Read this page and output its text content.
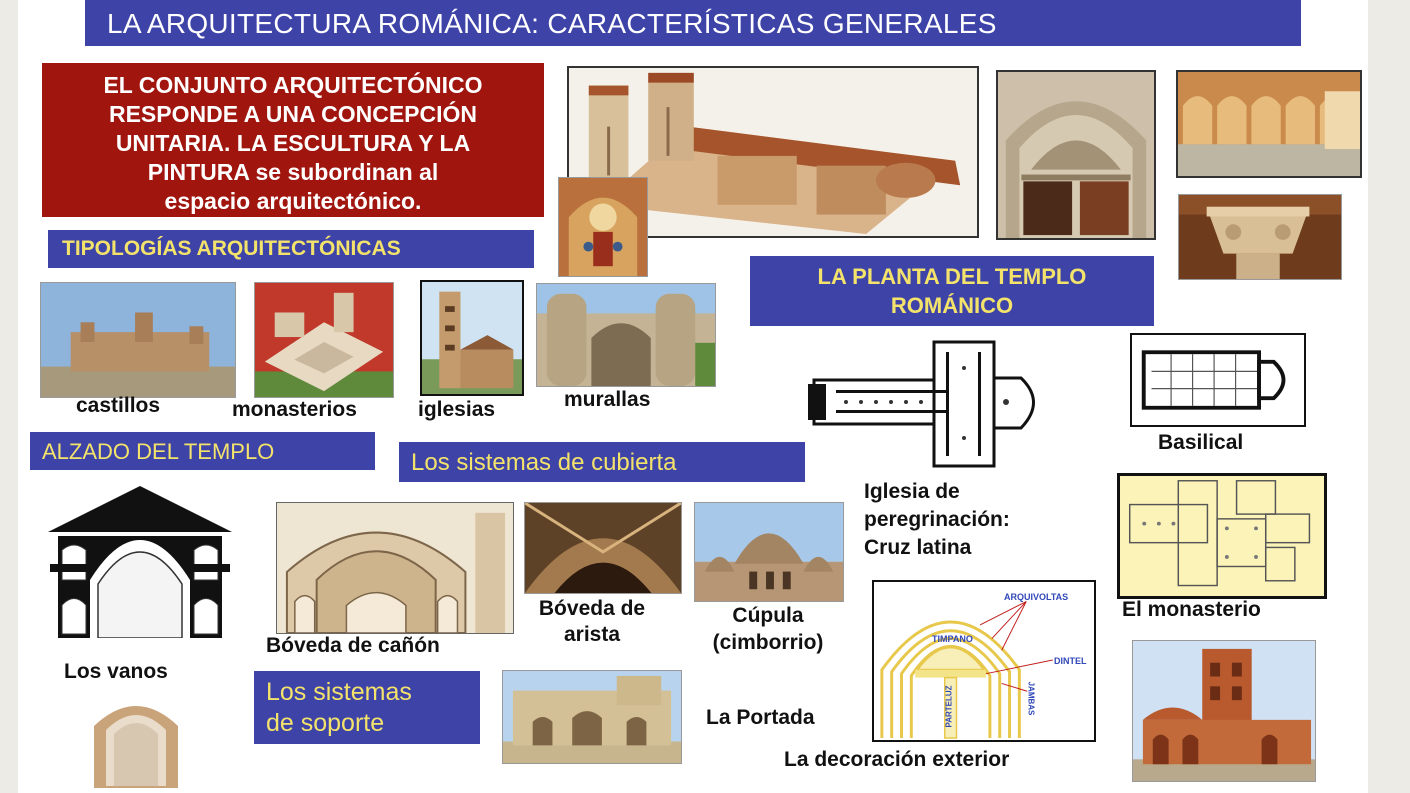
LA ARQUITECTURA ROMÁNICA: CARACTERÍSTICAS GENERALES
EL CONJUNTO ARQUITECTÓNICO
RESPONDE A UNA CONCEPCIÓN
UNITARIA. LA ESCULTURA Y LA
PINTURA se subordinan al
espacio arquitectónico.
TIPOLOGÍAS ARQUITECTÓNICAS
LA PLANTA DEL TEMPLO
ROMÁNICO
castillos	monasterios	iglesias	murallas
ALZADO DEL TEMPLO	Los sistemas de cubierta
Basilical
Iglesia de
peregrinación:
Cruz latina
El monasterio
Bóveda de cañón
Bóveda de
arista
Cúpula
(cimborrio)
ARQUIVOLTAS
TIMPANO
DINTEL
PARTELUZ	JAMBAS
La Portada
La decoración exterior
Los vanos
Los sistemas
de soporte
